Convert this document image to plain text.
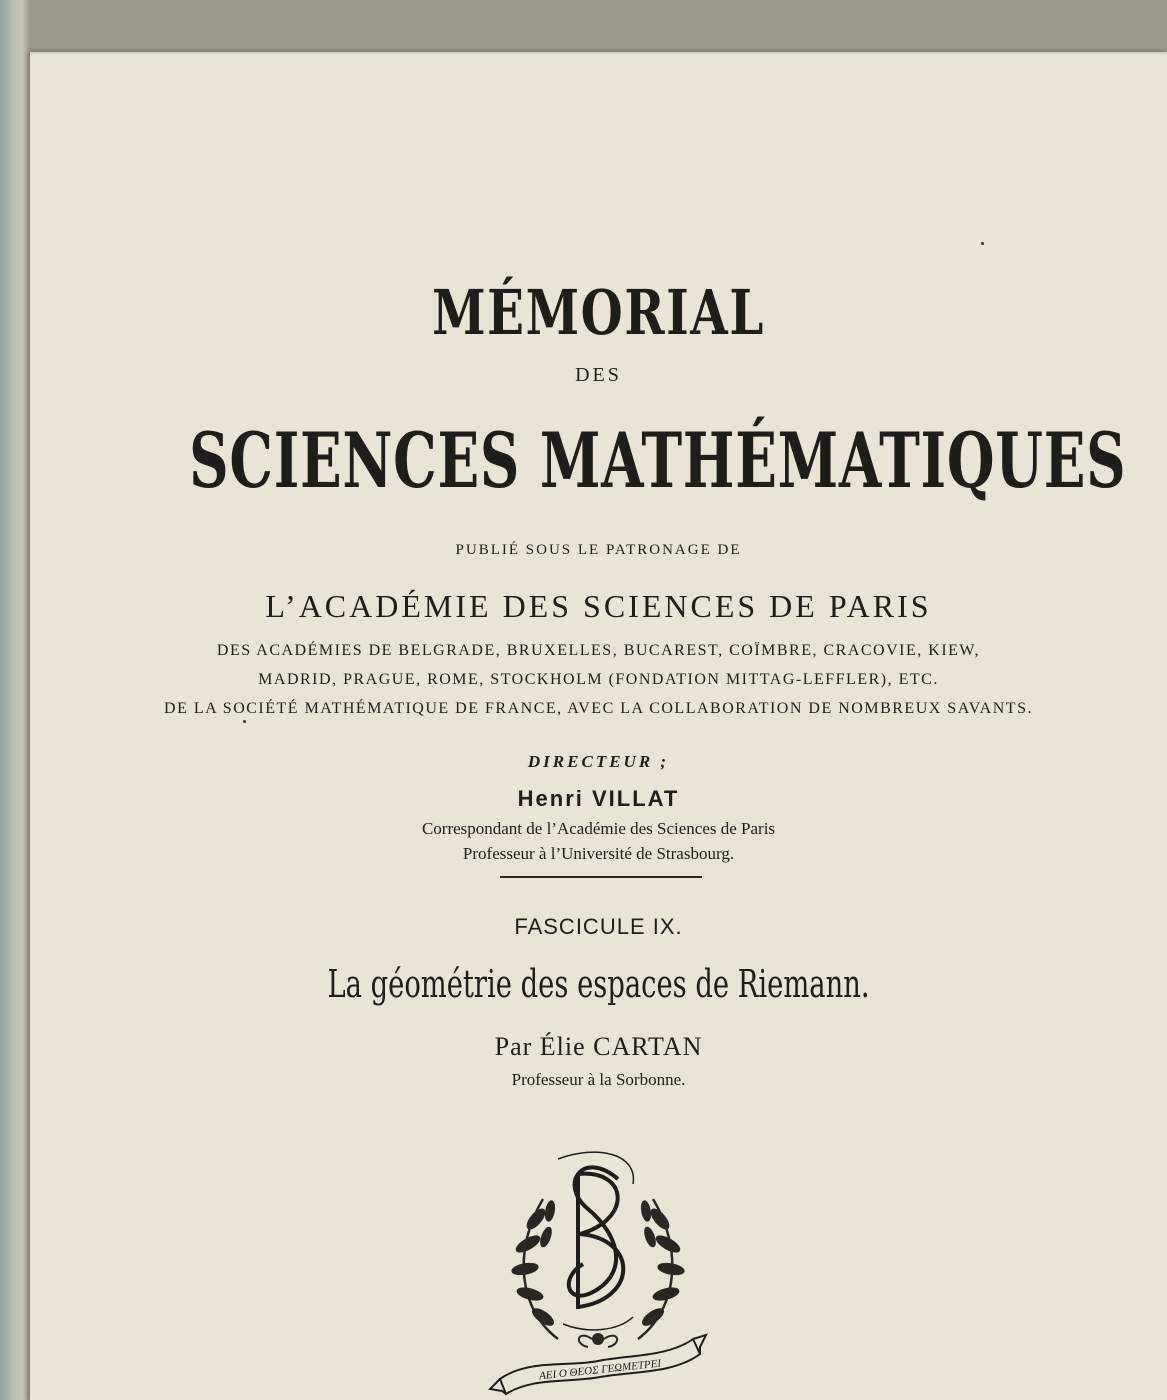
MÉMORIAL
DES
SCIENCES MATHÉMATIQUES
PUBLIÉ SOUS LE PATRONAGE DE
L’ACADÉMIE DES SCIENCES DE PARIS
DES ACADÉMIES DE BELGRADE, BRUXELLES, BUCAREST, COÏMBRE, CRACOVIE, KIEW,
MADRID, PRAGUE, ROME, STOCKHOLM (FONDATION MITTAG-LEFFLER), ETC.
DE LA SOCIÉTÉ MATHÉMATIQUE DE FRANCE, AVEC LA COLLABORATION DE NOMBREUX SAVANTS.
DIRECTEUR ;
Henri VILLAT
Correspondant de l’Académie des Sciences de Paris
Professeur à l’Université de Strasbourg.
FASCICULE IX.
La géométrie des espaces de Riemann.
Par Élie CARTAN
Professeur à la Sorbonne.
ΑΕΙ Ο ΘΕΟΣ ΓΕΩΜΕΤΡΕΙ
